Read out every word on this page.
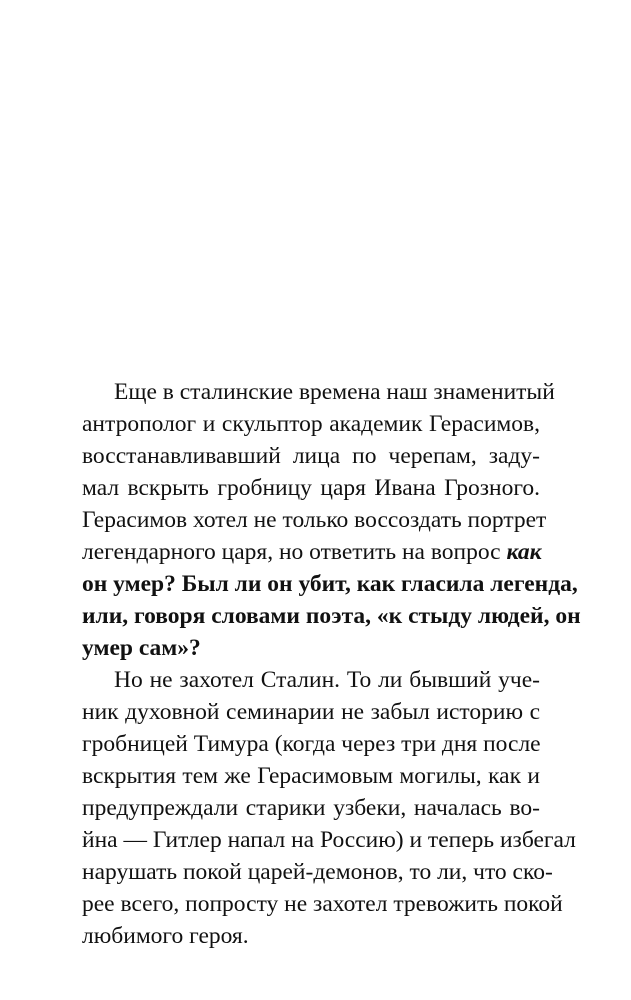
Еще в сталинские времена наш знаменитый
антрополог и скульптор академик Герасимов,
восстанавливавший лица по черепам, заду-
мал вскрыть гробницу царя Ивана Грозного.
Герасимов хотел не только воссоздать портрет
легендарного царя, но ответить на вопрос как
он умер? Был ли он убит, как гласила легенда,
или, говоря словами поэта, «к стыду людей, он
умер сам»?
Но не захотел Сталин. То ли бывший уче-
ник духовной семинарии не забыл историю с
гробницей Тимура (когда через три дня после
вскрытия тем же Герасимовым могилы, как и
предупреждали старики узбеки, началась во-
йна — Гитлер напал на Россию) и теперь избегал
нарушать покой царей-демонов, то ли, что ско-
рее всего, попросту не захотел тревожить покой
любимого героя.
